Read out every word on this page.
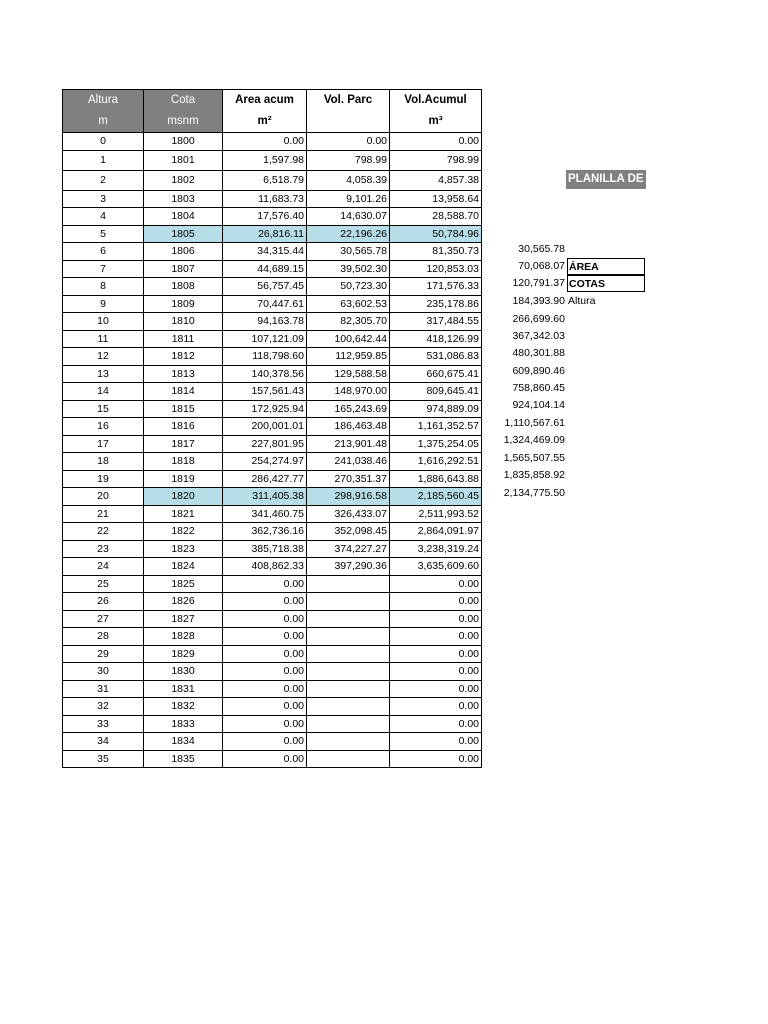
Altura	Cota	Area acum	Vol. Parc	Vol.Acumul
m	msnm	m²		m³
0	1800	0.00	0.00	0.00
1	1801	1,597.98	798.99	798.99
2	1802	6,518.79	4,058.39	4,857.38
3	1803	11,683.73	9,101.26	13,958.64
4	1804	17,576.40	14,630.07	28,588.70
5	1805	26,816.11	22,196.26	50,784.96
6	1806	34,315.44	30,565.78	81,350.73
7	1807	44,689.15	39,502.30	120,853.03
8	1808	56,757.45	50,723.30	171,576.33
9	1809	70,447.61	63,602.53	235,178.86
10	1810	94,163.78	82,305.70	317,484.55
11	1811	107,121.09	100,642.44	418,126.99
12	1812	118,798.60	112,959.85	531,086.83
13	1813	140,378.56	129,588.58	660,675.41
14	1814	157,561.43	148,970.00	809,645.41
15	1815	172,925.94	165,243.69	974,889.09
16	1816	200,001.01	186,463.48	1,161,352.57
17	1817	227,801.95	213,901.48	1,375,254.05
18	1818	254,274.97	241,038.46	1,616,292.51
19	1819	286,427.77	270,351.37	1,886,643.88
20	1820	311,405.38	298,916.58	2,185,560.45
21	1821	341,460.75	326,433.07	2,511,993.52
22	1822	362,736.16	352,098.45	2,864,091.97
23	1823	385,718.38	374,227.27	3,238,319.24
24	1824	408,862.33	397,290.36	3,635,609.60
25	1825	0.00		0.00
26	1826	0.00		0.00
27	1827	0.00		0.00
28	1828	0.00		0.00
29	1829	0.00		0.00
30	1830	0.00		0.00
31	1831	0.00		0.00
32	1832	0.00		0.00
33	1833	0.00		0.00
34	1834	0.00		0.00
35	1835	0.00		0.00
30,565.78
70,068.07
120,791.37
184,393.90
266,699.60
367,342.03
480,301.88
609,890.46
758,860.45
924,104.14
1,110,567.61
1,324,469.09
1,565,507.55
1,835,858.92
2,134,775.50
PLANILLA DE
ÁREA
COTAS
Altura
